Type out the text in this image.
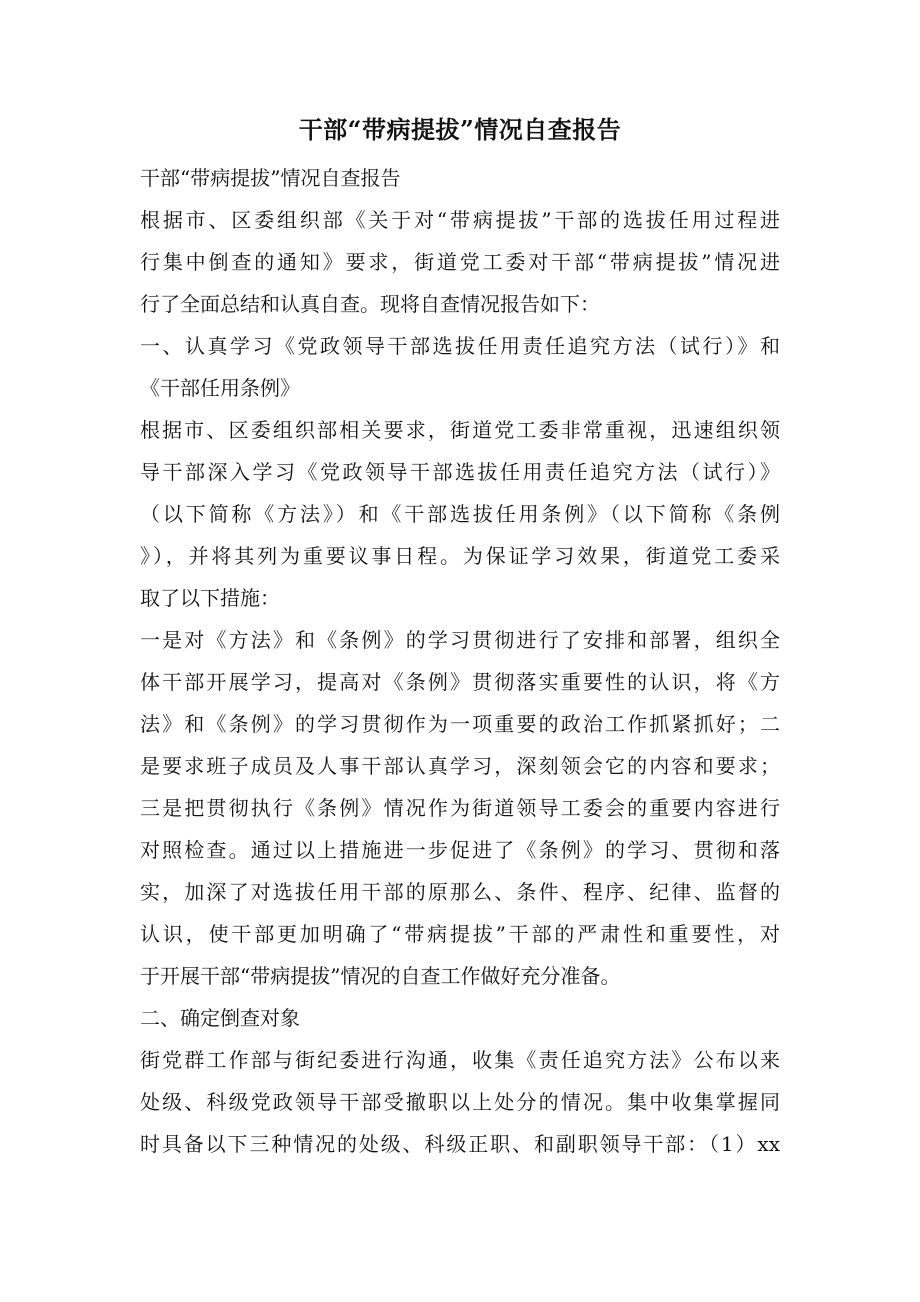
干部“带病提拔”情况自查报告
干部“带病提拔”情况自查报告
根据市、区委组织部《关于对“带病提拔”干部的选拔任用过程进
行集中倒查的通知》要求，街道党工委对干部“带病提拔”情况进
行了全面总结和认真自查。现将自查情况报告如下：
一、认真学习《党政领导干部选拔任用责任追究方法（试行）》和
《干部任用条例》
根据市、区委组织部相关要求，街道党工委非常重视，迅速组织领
导干部深入学习《党政领导干部选拔任用责任追究方法（试行）》
（以下简称《方法》）和《干部选拔任用条例》（以下简称《条例
》），并将其列为重要议事日程。为保证学习效果，街道党工委采
取了以下措施：
一是对《方法》和《条例》的学习贯彻进行了安排和部署，组织全
体干部开展学习，提高对《条例》贯彻落实重要性的认识，将《方
法》和《条例》的学习贯彻作为一项重要的政治工作抓紧抓好；二
是要求班子成员及人事干部认真学习，深刻领会它的内容和要求；
三是把贯彻执行《条例》情况作为街道领导工委会的重要内容进行
对照检查。通过以上措施进一步促进了《条例》的学习、贯彻和落
实，加深了对选拔任用干部的原那么、条件、程序、纪律、监督的
认识，使干部更加明确了“带病提拔”干部的严肃性和重要性，对
于开展干部“带病提拔”情况的自查工作做好充分准备。
二、确定倒查对象
街党群工作部与街纪委进行沟通，收集《责任追究方法》公布以来
处级、科级党政领导干部受撤职以上处分的情况。集中收集掌握同
时具备以下三种情况的处级、科级正职、和副职领导干部：（1）xx
